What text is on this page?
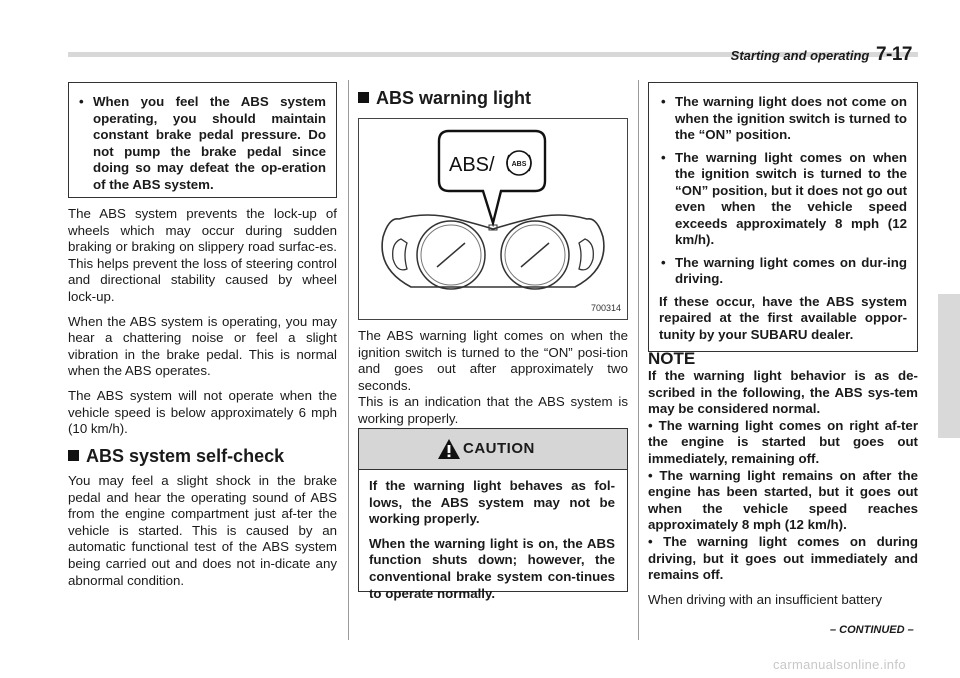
Starting and operating 7-17
• When you feel the ABS system operating, you should maintain constant brake pedal pressure. Do not pump the brake pedal since doing so may defeat the op-eration of the ABS system.

The ABS system prevents the lock-up of wheels which may occur during sudden braking or braking on slippery road surfac-es. This helps prevent the loss of steering control and directional stability caused by wheel lock-up.

When the ABS system is operating, you may hear a chattering noise or feel a slight vibration in the brake pedal. This is normal when the ABS operates.

The ABS system will not operate when the vehicle speed is below approximately 6 mph (10 km/h).

ABS system self-check

You may feel a slight shock in the brake pedal and hear the operating sound of ABS from the engine compartment just af-ter the vehicle is started. This is caused by an automatic functional test of the ABS system being carried out and does not in-dicate any abnormal condition.

ABS warning light
ABS/ ABS
700314

The ABS warning light comes on when the ignition switch is turned to the “ON” posi-tion and goes out after approximately two seconds.

This is an indication that the ABS system is working properly.

CAUTION

If the warning light behaves as fol-lows, the ABS system may not be working properly.

When the warning light is on, the ABS function shuts down; however, the conventional brake system con-tinues to operate normally.

• The warning light does not come on when the ignition switch is turned to the “ON” position.
• The warning light comes on when the ignition switch is turned to the “ON” position, but it does not go out even when the vehicle speed exceeds approximately 8 mph (12 km/h).
• The warning light comes on dur-ing driving.

If these occur, have the ABS system repaired at the first available oppor-tunity by your SUBARU dealer.

NOTE

If the warning light behavior is as de-scribed in the following, the ABS sys-tem may be considered normal.

• The warning light comes on right af-ter the engine is started but goes out immediately, remaining off.

• The warning light remains on after the engine has been started, but it goes out when the vehicle speed reaches approximately 8 mph (12 km/h).

• The warning light comes on during driving, but it goes out immediately and remains off.

When driving with an insufficient battery

– CONTINUED –
carmanualsonline.info
